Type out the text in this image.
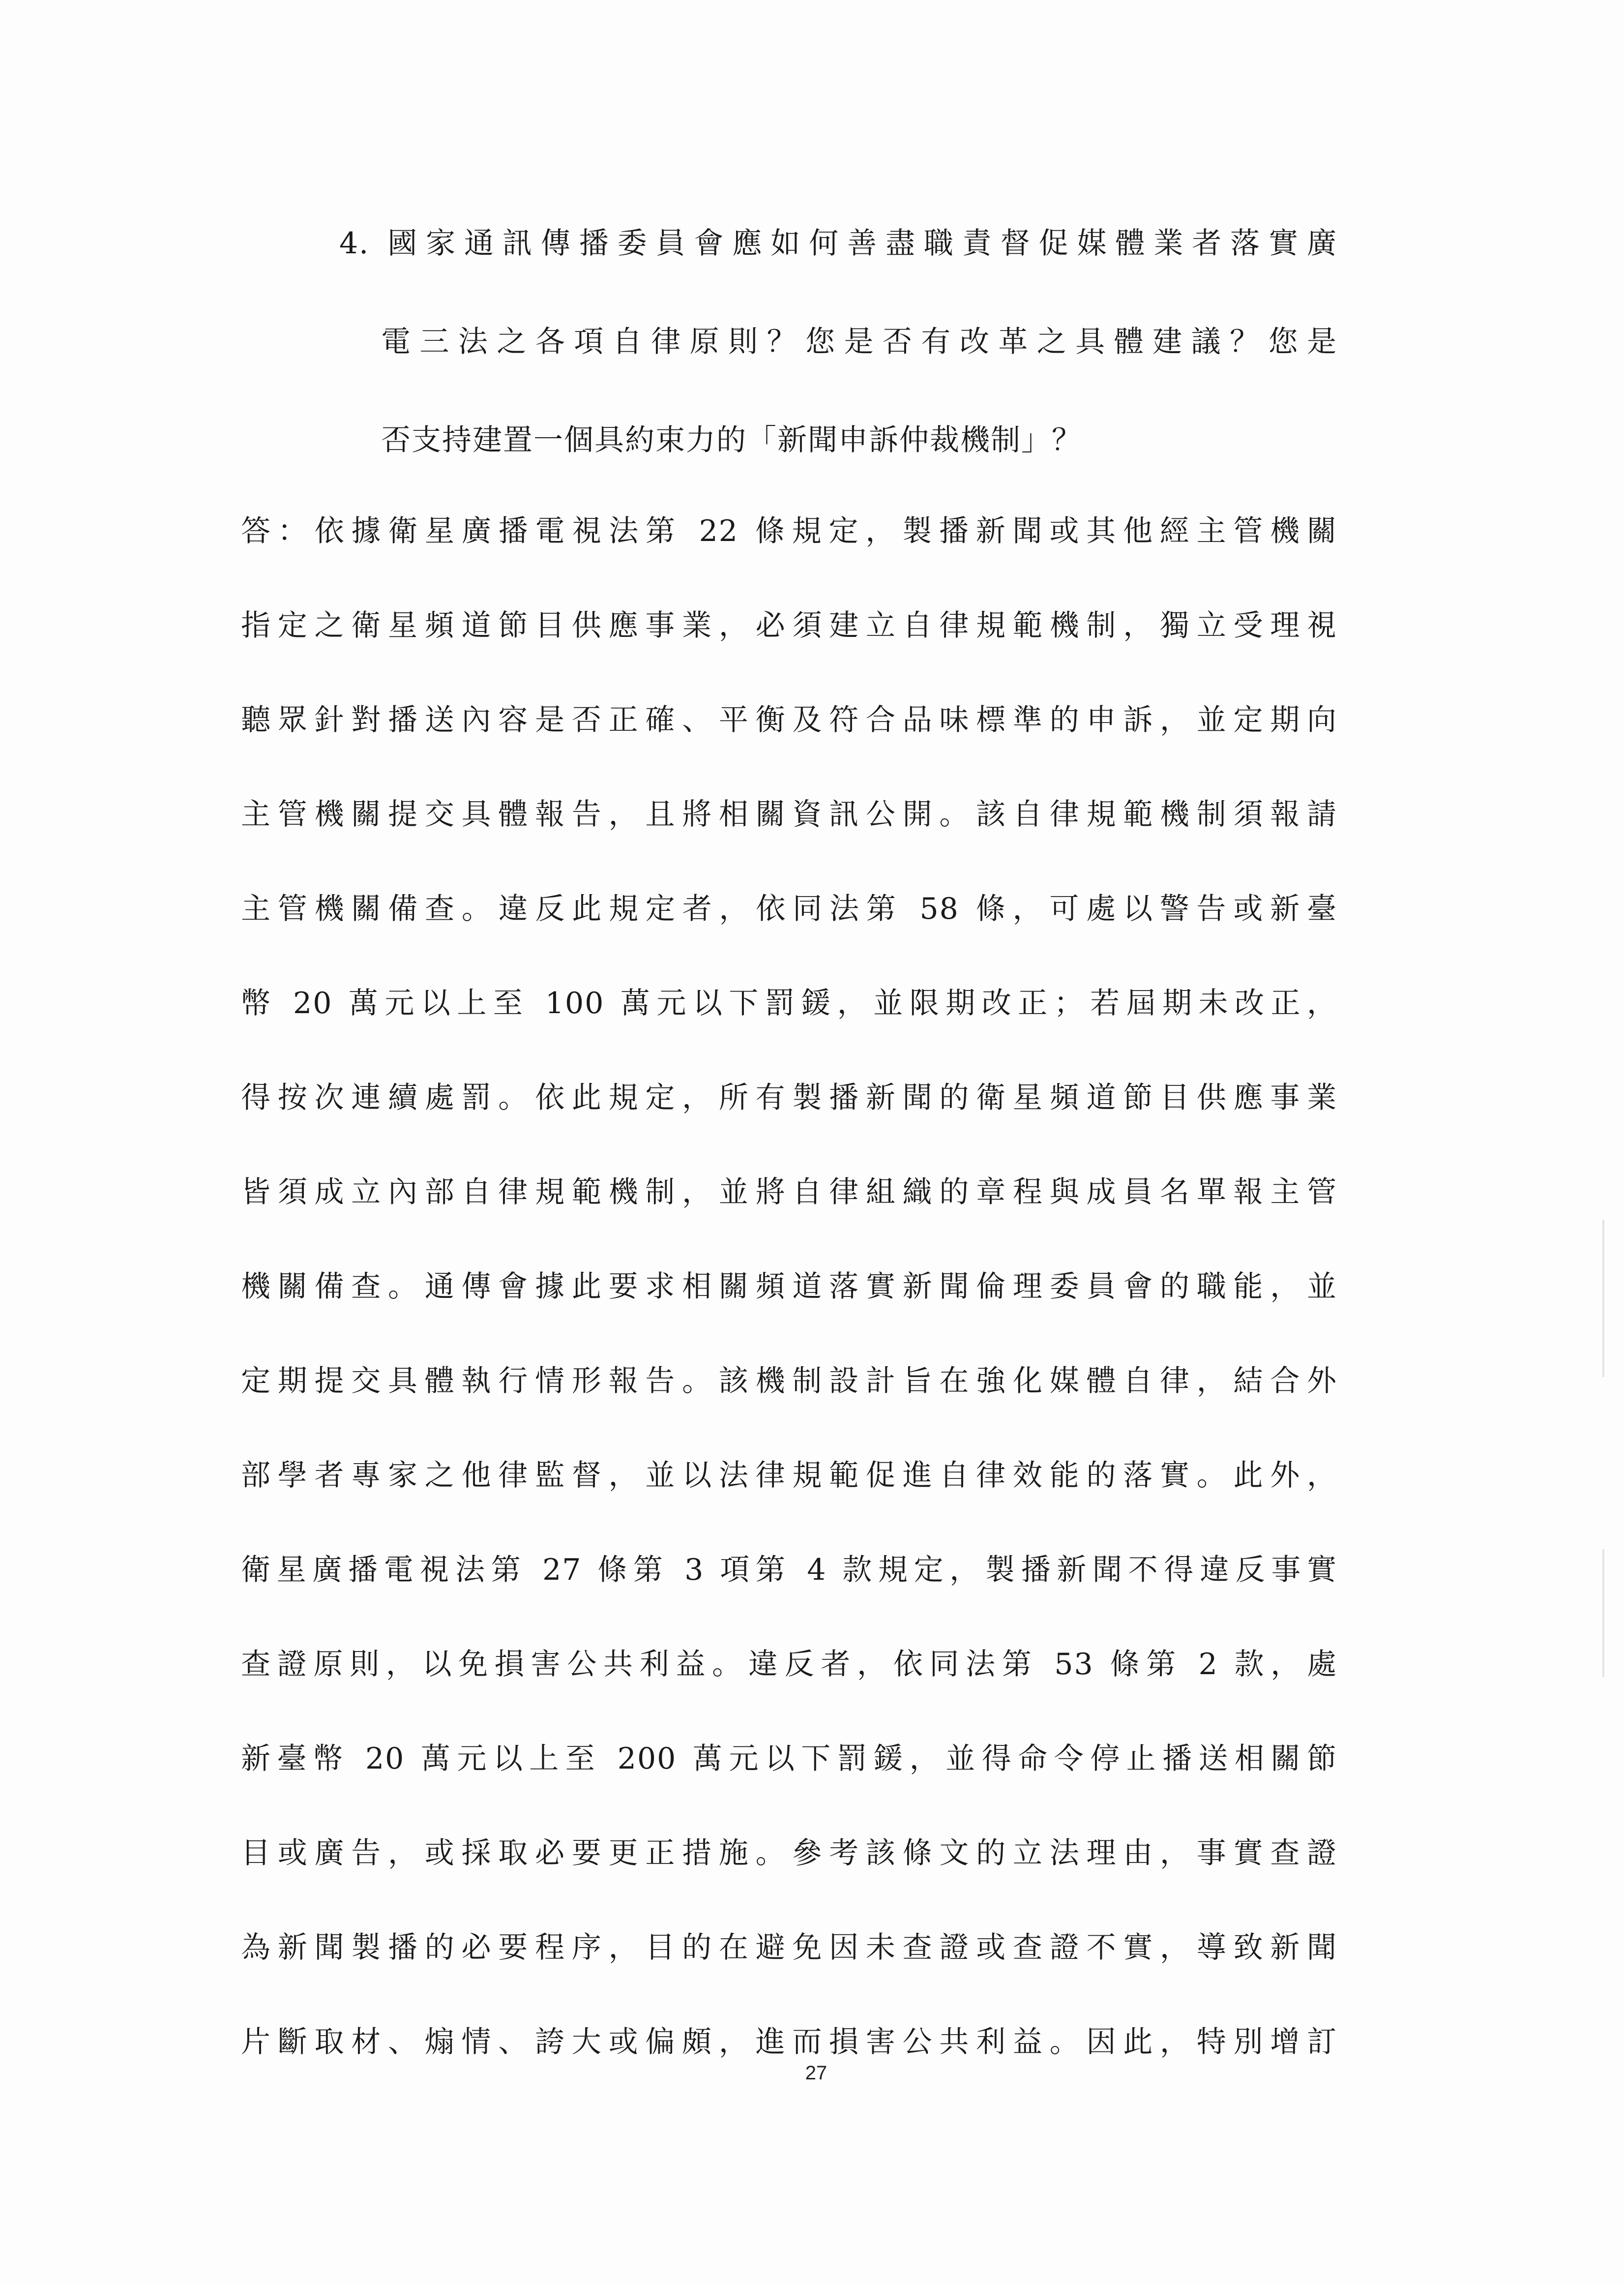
4. 國家通訊傳播委員會應如何善盡職責督促媒體業者落實廣
電三法之各項自律原則？您是否有改革之具體建議？您是
否支持建置一個具約束力的「新聞申訴仲裁機制」？
答：依據衛星廣播電視法第 22 條規定，製播新聞或其他經主管機關
指定之衛星頻道節目供應事業，必須建立自律規範機制，獨立受理視
聽眾針對播送內容是否正確、平衡及符合品味標準的申訴，並定期向
主管機關提交具體報告，且將相關資訊公開。該自律規範機制須報請
主管機關備查。違反此規定者，依同法第 58 條，可處以警告或新臺
幣 20 萬元以上至 100 萬元以下罰鍰，並限期改正；若屆期未改正，
得按次連續處罰。依此規定，所有製播新聞的衛星頻道節目供應事業
皆須成立內部自律規範機制，並將自律組織的章程與成員名單報主管
機關備查。通傳會據此要求相關頻道落實新聞倫理委員會的職能，並
定期提交具體執行情形報告。該機制設計旨在強化媒體自律，結合外
部學者專家之他律監督，並以法律規範促進自律效能的落實。此外，
衛星廣播電視法第 27 條第 3 項第 4 款規定，製播新聞不得違反事實
查證原則，以免損害公共利益。違反者，依同法第 53 條第 2 款，處
新臺幣 20 萬元以上至 200 萬元以下罰鍰，並得命令停止播送相關節
目或廣告，或採取必要更正措施。參考該條文的立法理由，事實查證
為新聞製播的必要程序，目的在避免因未查證或查證不實，導致新聞
片斷取材、煽情、誇大或偏頗，進而損害公共利益。因此，特別增訂
27
